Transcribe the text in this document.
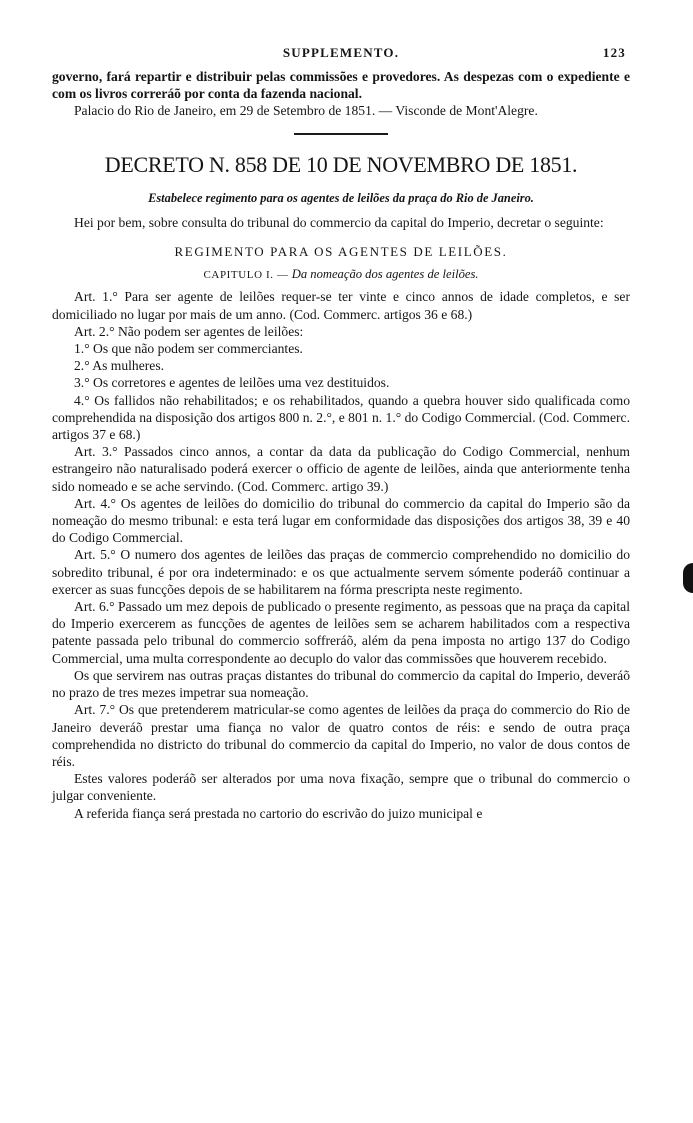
SUPPLEMENTO.	123

governo, fará repartir e distribuir pelas commissões e provedores. As despezas com o expediente e com os livros correráõ por conta da fazenda nacional.

Palacio do Rio de Janeiro, em 29 de Setembro de 1851. — Visconde de Mont'Alegre.

DECRETO N. 858 DE 10 DE NOVEMBRO DE 1851.
Estabelece regimento para os agentes de leilões da praça do Rio de Janeiro.

Hei por bem, sobre consulta do tribunal do commercio da capital do Imperio, decretar o seguinte:

REGIMENTO PARA OS AGENTES DE LEILÕES.
CAPITULO I. — Da nomeação dos agentes de leilões.

Art. 1.° Para ser agente de leilões requer-se ter vinte e cinco annos de idade completos, e ser domiciliado no lugar por mais de um anno. (Cod. Commerc. artigos 36 e 68.)

Art. 2.° Não podem ser agentes de leilões:

1.° Os que não podem ser commerciantes.

2.° As mulheres.

3.° Os corretores e agentes de leilões uma vez destituidos.

4.° Os fallidos não rehabilitados; e os rehabilitados, quando a quebra houver sido qualificada como comprehendida na disposição dos artigos 800 n. 2.°, e 801 n. 1.° do Codigo Commercial. (Cod. Commerc. artigos 37 e 68.)

Art. 3.° Passados cinco annos, a contar da data da publicação do Codigo Commercial, nenhum estrangeiro não naturalisado poderá exercer o officio de agente de leilões, ainda que anteriormente tenha sido nomeado e se ache servindo. (Cod. Commerc. artigo 39.)

Art. 4.° Os agentes de leilões do domicilio do tribunal do commercio da capital do Imperio são da nomeação do mesmo tribunal: e esta terá lugar em conformidade das disposições dos artigos 38, 39 e 40 do Codigo Commercial.

Art. 5.° O numero dos agentes de leilões das praças de commercio comprehendido no domicilio do sobredito tribunal, é por ora indeterminado: e os que actualmente servem sómente poderáõ continuar a exercer as suas funcções depois de se habilitarem na fórma prescripta neste regimento.

Art. 6.° Passado um mez depois de publicado o presente regimento, as pessoas que na praça da capital do Imperio exercerem as funcções de agentes de leilões sem se acharem habilitados com a respectiva patente passada pelo tribunal do commercio soffreráõ, além da pena imposta no artigo 137 do Codigo Commercial, uma multa correspondente ao decuplo do valor das commissões que houverem recebido.

Os que servirem nas outras praças distantes do tribunal do commercio da capital do Imperio, deveráõ no prazo de tres mezes impetrar sua nomeação.

Art. 7.° Os que pretenderem matricular-se como agentes de leilões da praça do commercio do Rio de Janeiro deveráõ prestar uma fiança no valor de quatro contos de réis: e sendo de outra praça comprehendida no districto do tribunal do commercio da capital do Imperio, no valor de dous contos de réis.

Estes valores poderáõ ser alterados por uma nova fixação, sempre que o tribunal do commercio o julgar conveniente.

A referida fiança será prestada no cartorio do escrivão do juizo municipal e
